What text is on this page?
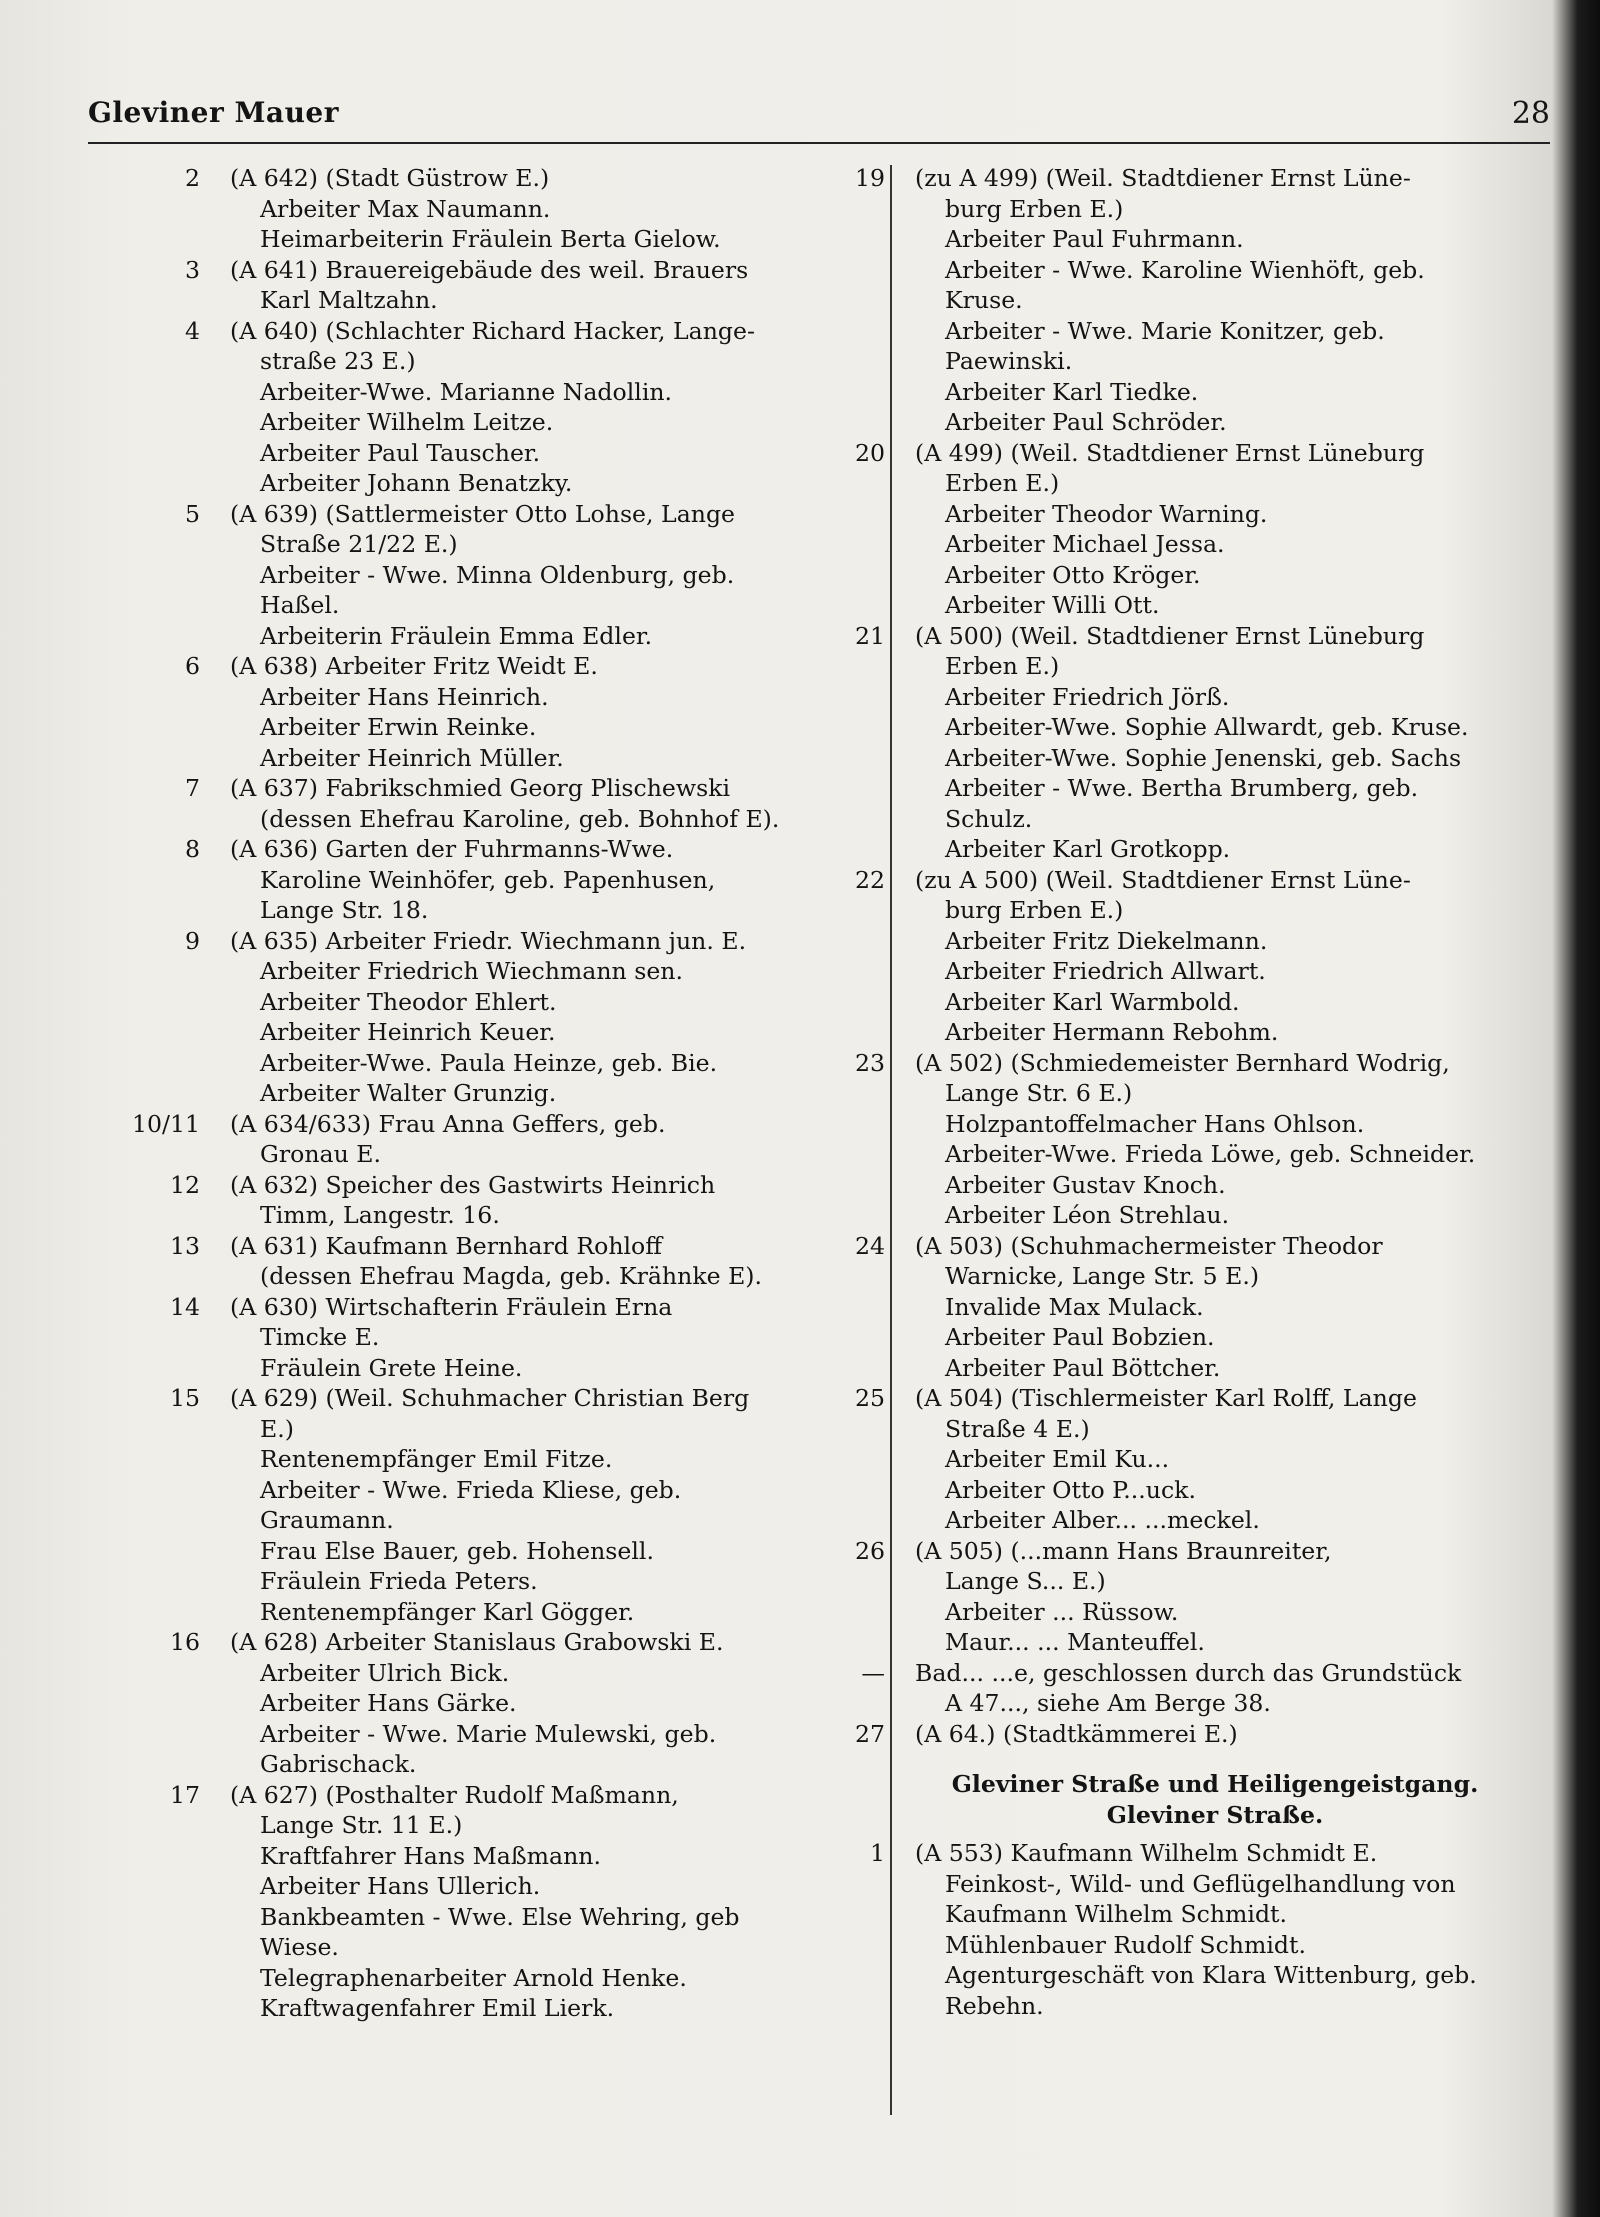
Gleviner Mauer	28
2 (A 642) (Stadt Güstrow E.)
Arbeiter Max Naumann.
Heimarbeiterin Fräulein Berta Gielow.
3 (A 641) Brauereigebäude des weil. Brauers
Karl Maltzahn.
4 (A 640) (Schlachter Richard Hacker, Lange-
straße 23 E.)
Arbeiter-Wwe. Marianne Nadollin.
Arbeiter Wilhelm Leitze.
Arbeiter Paul Tauscher.
Arbeiter Johann Benatzky.
5 (A 639) (Sattlermeister Otto Lohse, Lange
Straße 21/22 E.)
Arbeiter - Wwe. Minna Oldenburg, geb.
Haßel.
Arbeiterin Fräulein Emma Edler.
6 (A 638) Arbeiter Fritz Weidt E.
Arbeiter Hans Heinrich.
Arbeiter Erwin Reinke.
Arbeiter Heinrich Müller.
7 (A 637) Fabrikschmied Georg Plischewski
(dessen Ehefrau Karoline, geb. Bohnhof E).
8 (A 636) Garten der Fuhrmanns-Wwe.
Karoline Weinhöfer, geb. Papenhusen,
Lange Str. 18.
9 (A 635) Arbeiter Friedr. Wiechmann jun. E.
Arbeiter Friedrich Wiechmann sen.
Arbeiter Theodor Ehlert.
Arbeiter Heinrich Keuer.
Arbeiter-Wwe. Paula Heinze, geb. Bie.
Arbeiter Walter Grunzig.
10/11 (A 634/633) Frau Anna Geffers, geb.
Gronau E.
12 (A 632) Speicher des Gastwirts Heinrich
Timm, Langestr. 16.
13 (A 631) Kaufmann Bernhard Rohloff
(dessen Ehefrau Magda, geb. Krähnke E).
14 (A 630) Wirtschafterin Fräulein Erna
Timcke E.
Fräulein Grete Heine.
15 (A 629) (Weil. Schuhmacher Christian Berg
E.)
Rentenempfänger Emil Fitze.
Arbeiter - Wwe. Frieda Kliese, geb.
Graumann.
Frau Else Bauer, geb. Hohensell.
Fräulein Frieda Peters.
Rentenempfänger Karl Gögger.
16 (A 628) Arbeiter Stanislaus Grabowski E.
Arbeiter Ulrich Bick.
Arbeiter Hans Gärke.
Arbeiter - Wwe. Marie Mulewski, geb.
Gabrischack.
17 (A 627) (Posthalter Rudolf Maßmann,
Lange Str. 11 E.)
Kraftfahrer Hans Maßmann.
Arbeiter Hans Ullerich.
Bankbeamten - Wwe. Else Wehring, geb
Wiese.
Telegraphenarbeiter Arnold Henke.
Kraftwagenfahrer Emil Lierk.
19 (zu A 499) (Weil. Stadtdiener Ernst Lüne-
burg Erben E.)
Arbeiter Paul Fuhrmann.
Arbeiter - Wwe. Karoline Wienhöft, geb.
Kruse.
Arbeiter - Wwe. Marie Konitzer, geb.
Paewinski.
Arbeiter Karl Tiedke.
Arbeiter Paul Schröder.
20 (A 499) (Weil. Stadtdiener Ernst Lüneburg
Erben E.)
Arbeiter Theodor Warning.
Arbeiter Michael Jessa.
Arbeiter Otto Kröger.
Arbeiter Willi Ott.
21 (A 500) (Weil. Stadtdiener Ernst Lüneburg
Erben E.)
Arbeiter Friedrich Jörß.
Arbeiter-Wwe. Sophie Allwardt, geb. Kruse.
Arbeiter-Wwe. Sophie Jenenski, geb. Sachs
Arbeiter - Wwe. Bertha Brumberg, geb.
Schulz.
Arbeiter Karl Grotkopp.
22 (zu A 500) (Weil. Stadtdiener Ernst Lüne-
burg Erben E.)
Arbeiter Fritz Diekelmann.
Arbeiter Friedrich Allwart.
Arbeiter Karl Warmbold.
Arbeiter Hermann Rebohm.
23 (A 502) (Schmiedemeister Bernhard Wodrig,
Lange Str. 6 E.)
Holzpantoffelmacher Hans Ohlson.
Arbeiter-Wwe. Frieda Löwe, geb. Schneider.
Arbeiter Gustav Knoch.
Arbeiter Léon Strehlau.
24 (A 503) (Schuhmachermeister Theodor
Warnicke, Lange Str. 5 E.)
Invalide Max Mulack.
Arbeiter Paul Bobzien.
Arbeiter Paul Böttcher.
25 (A 504) (Tischlermeister Karl Rolff, Lange
Straße 4 E.)
Arbeiter Emil Ku...
Arbeiter Otto P...uck.
Arbeiter Alber... ...meckel.
26 (A 505) (...mann Hans Braunreiter,
Lange S... E.)
Arbeiter ... Rüssow.
Maur... ... Manteuffel.
— Bad... ...e, geschlossen durch das Grundstück
A 47..., siehe Am Berge 38.
27 (A 64.) (Stadtkämmerei E.)
Gleviner Straße und Heiligengeistgang.
Gleviner Straße.
1 (A 553) Kaufmann Wilhelm Schmidt E.
Feinkost-, Wild- und Geflügelhandlung von
Kaufmann Wilhelm Schmidt.
Mühlenbauer Rudolf Schmidt.
Agenturgeschäft von Klara Wittenburg, geb.
Rebehn.
